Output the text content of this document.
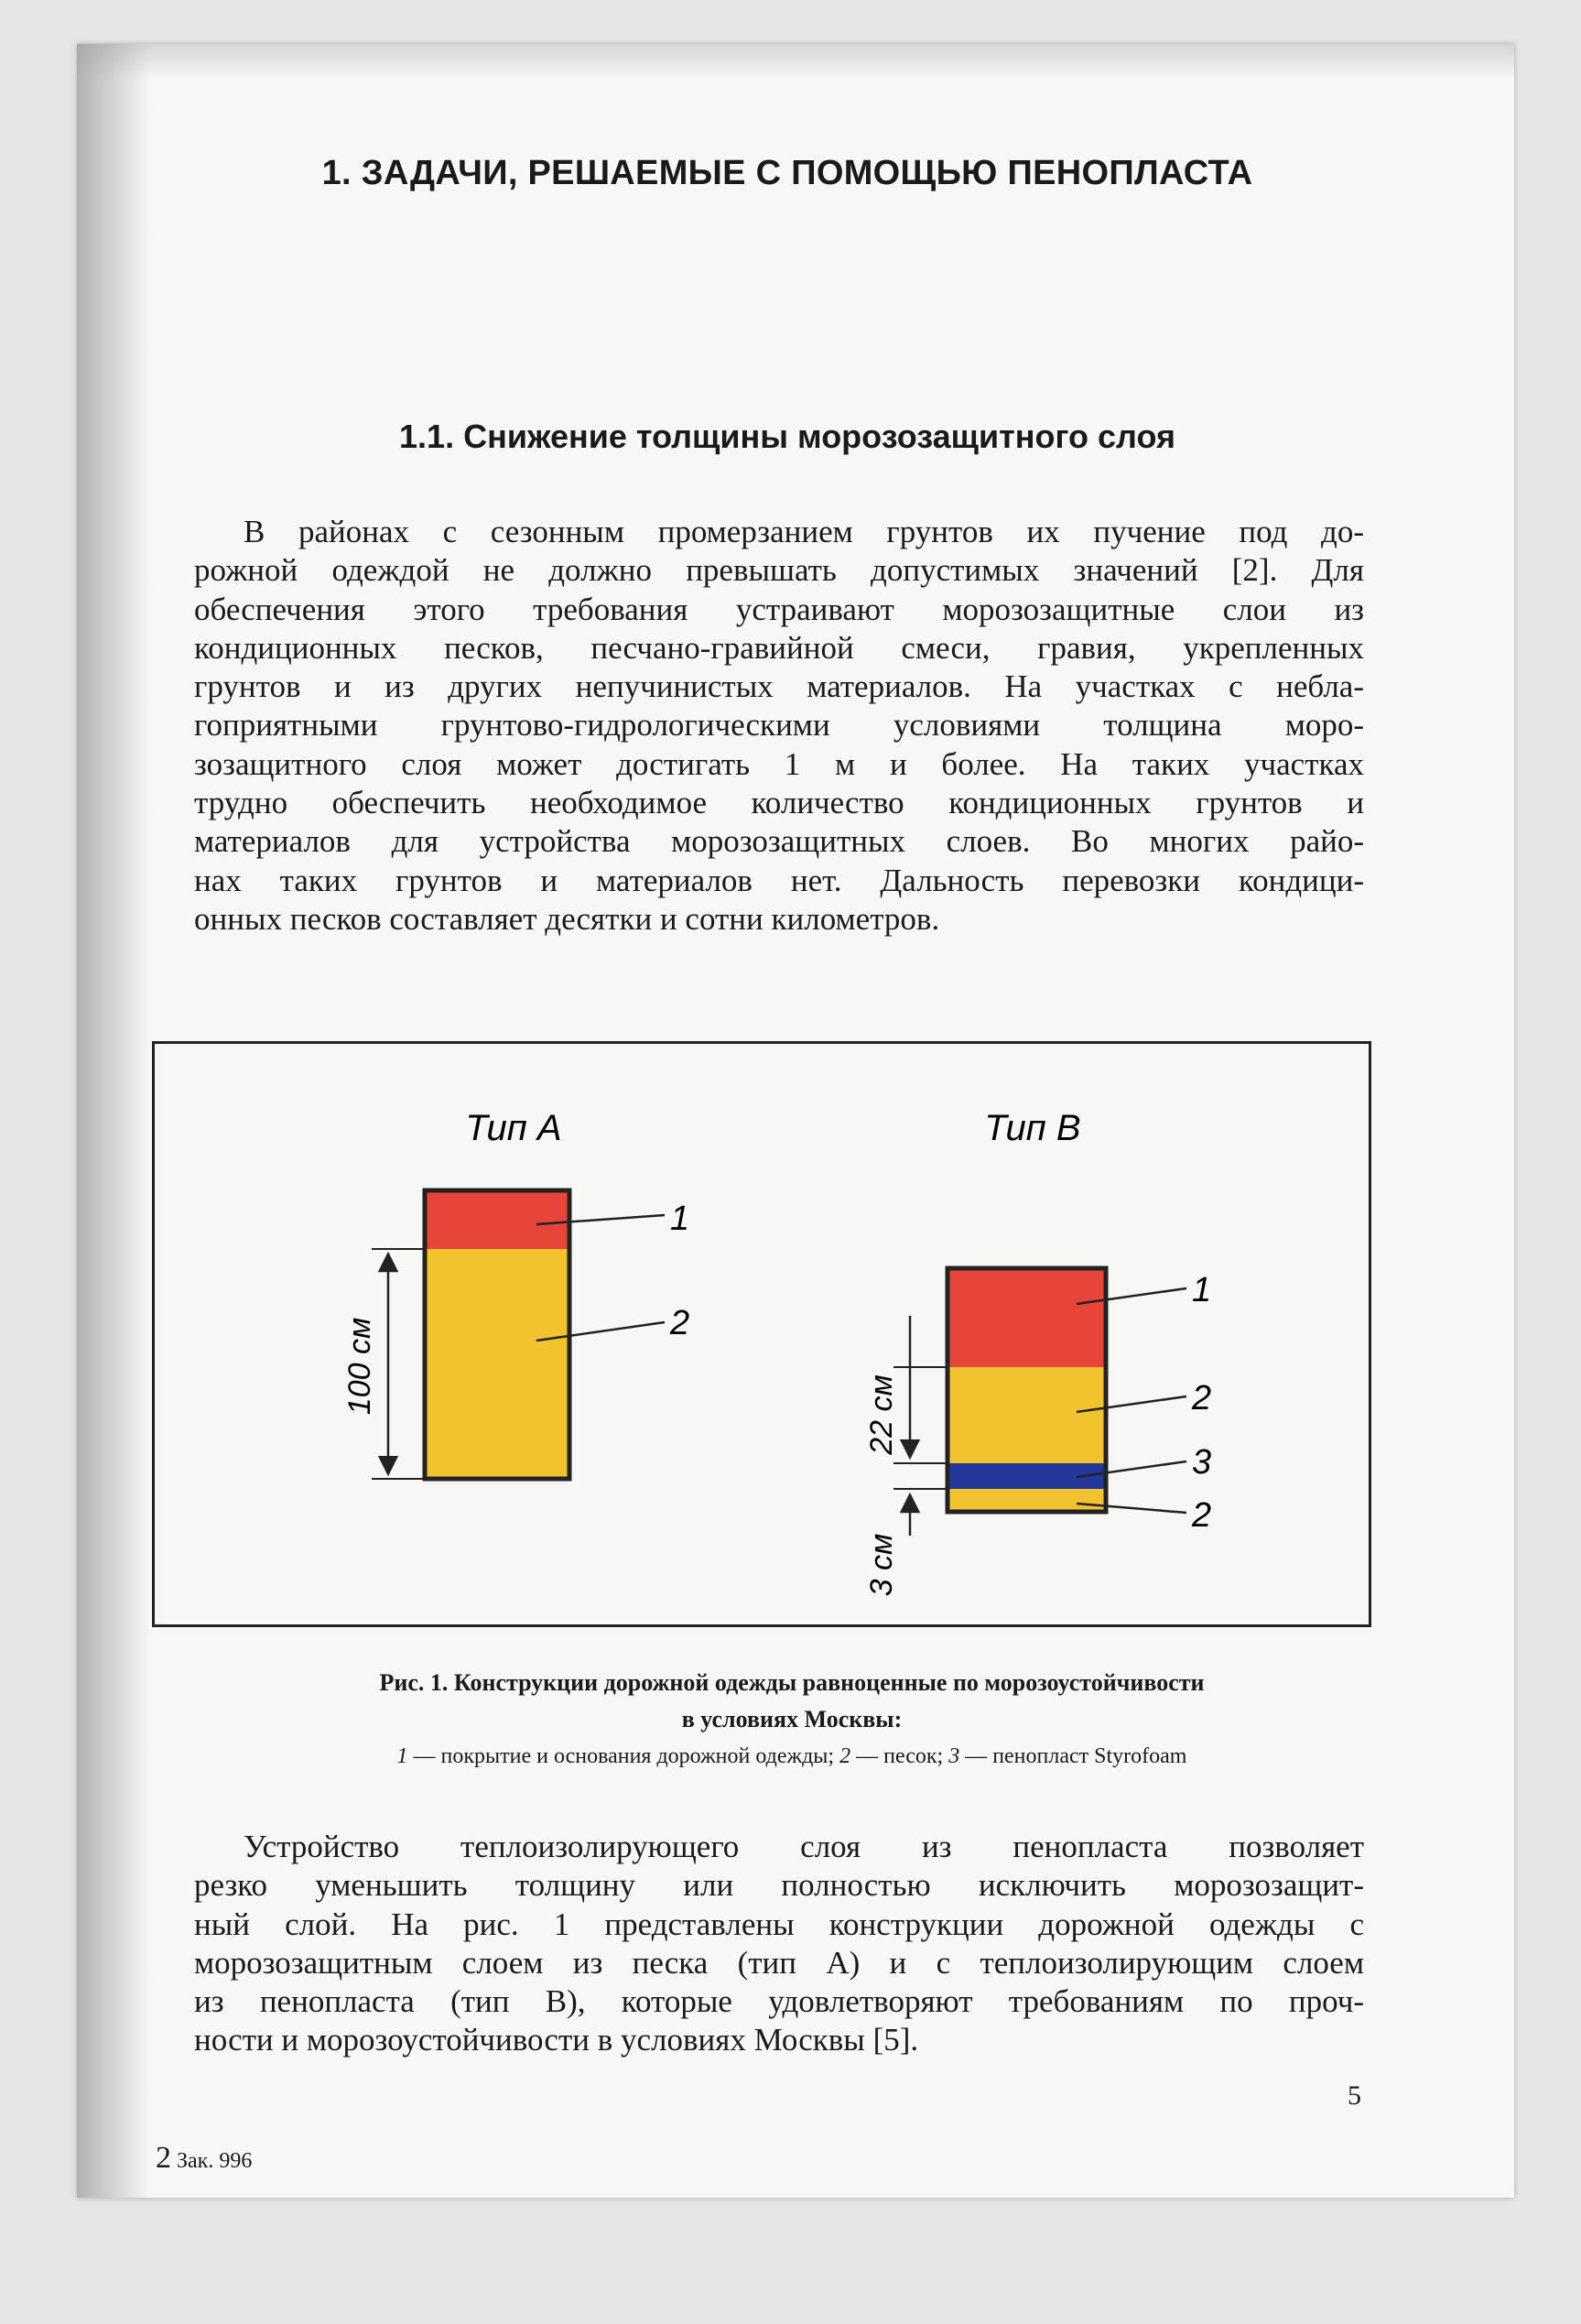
1. ЗАДАЧИ, РЕШАЕМЫЕ С ПОМОЩЬЮ ПЕНОПЛАСТА
1.1. Снижение толщины морозозащитного слоя
В районах с сезонным промерзанием грунтов их пучение под до-
рожной одеждой не должно превышать допустимых значений [2]. Для
обеспечения этого требования устраивают морозозащитные слои из
кондиционных песков, песчано-гравийной смеси, гравия, укрепленных
грунтов и из других непучинистых материалов. На участках с небла-
гоприятными грунтово-гидрологическими условиями толщина моро-
зозащитного слоя может достигать 1 м и более. На таких участках
трудно обеспечить необходимое количество кондиционных грунтов и
материалов для устройства морозозащитных слоев. Во многих райо-
нах таких грунтов и материалов нет. Дальность перевозки кондици-
онных песков составляет десятки и сотни километров.
Тип А
1
2
100 см
Тип В
1
2
3
2
22 см
3 см
Рис. 1. Конструкции дорожной одежды равноценные по морозоустойчивости
в условиях Москвы:
1 — покрытие и основания дорожной одежды; 2 — песок; 3 — пенопласт Styrofoam
Устройство теплоизолирующего слоя из пенопласта позволяет
резко уменьшить толщину или полностью исключить морозозащит-
ный слой. На рис. 1 представлены конструкции дорожной одежды с
морозозащитным слоем из песка (тип А) и с теплоизолирующим слоем
из пенопласта (тип В), которые удовлетворяют требованиям по проч-
ности и морозоустойчивости в условиях Москвы [5].
5
2 Зак. 996
